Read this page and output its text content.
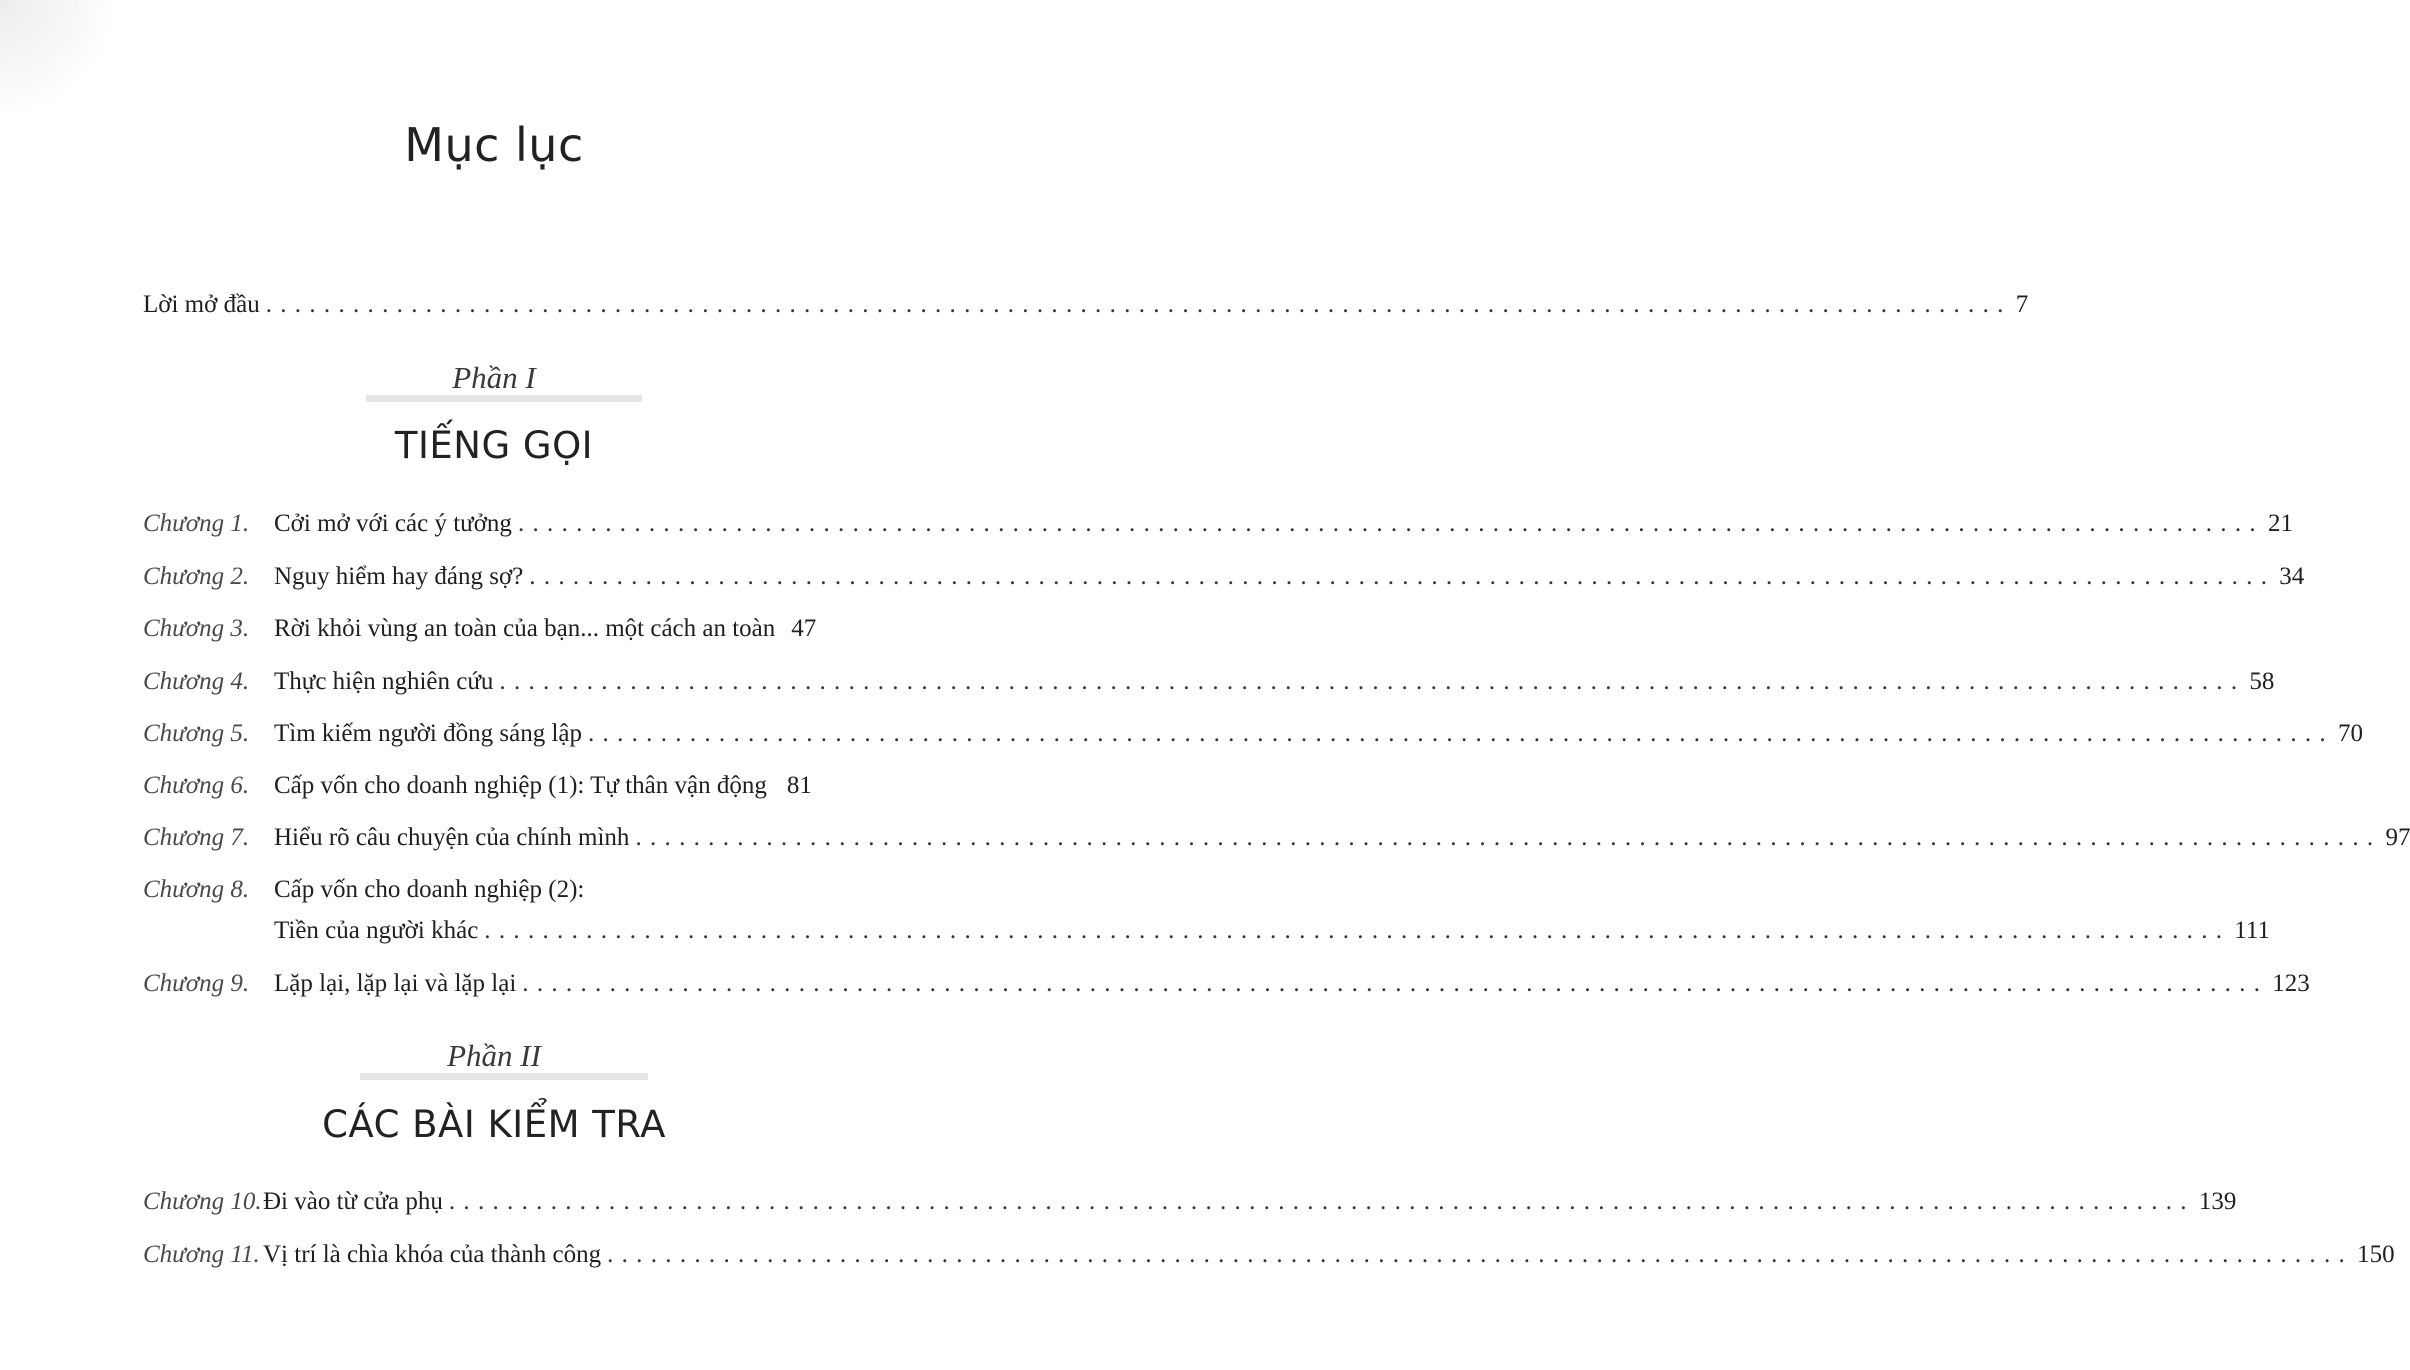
Mục lục
Lời mở đầu ........................................................................................................................ 7
Phần I
TIẾNG GỌI
Chương 1. Cởi mở với các ý tưởng ........................................................................................................................ 21
Chương 2. Nguy hiểm hay đáng sợ? ........................................................................................................................ 34
Chương 3. Rời khỏi vùng an toàn của bạn... một cách an toàn 47
Chương 4. Thực hiện nghiên cứu ........................................................................................................................ 58
Chương 5. Tìm kiếm người đồng sáng lập ........................................................................................................................ 70
Chương 6. Cấp vốn cho doanh nghiệp (1): Tự thân vận động 81
Chương 7. Hiểu rõ câu chuyện của chính mình ........................................................................................................................ 97
Chương 8. Cấp vốn cho doanh nghiệp (2):
Tiền của người khác ........................................................................................................................ 111
Chương 9. Lặp lại, lặp lại và lặp lại ........................................................................................................................ 123
Phần II
CÁC BÀI KIỂM TRA
Chương 10. Đi vào từ cửa phụ ........................................................................................................................ 139
Chương 11. Vị trí là chìa khóa của thành công ........................................................................................................................ 150
